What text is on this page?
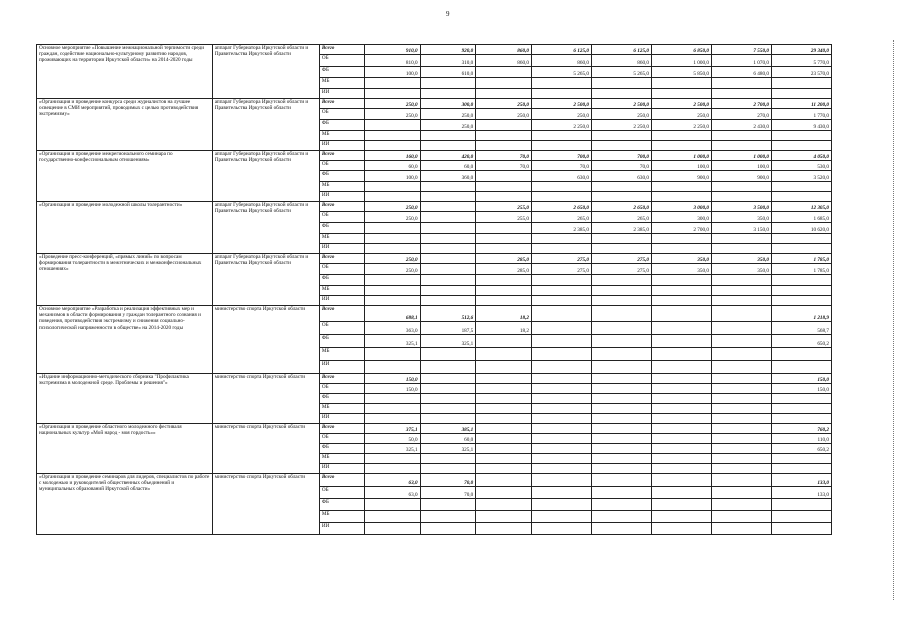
9
Основное мероприятие «Повышение межнациональной терпимости среди граждан, содействие национально-культурному развитию народов, проживающих на территории Иркутской области» на 2014-2020 годы	аппарат Губернатора Иркутской области и Правительства Иркутской области	Всего	910,0	920,0	860,0	6 125,0	6 125,0	6 850,0	7 550,0	29 340,0
		ОБ	810,0	310,0	860,0	860,0	860,0	1 000,0	1 070,0	5 770,0
		ФБ	100,0	610,0		5 265,0	5 265,0	5 850,0	6 480,0	23 570,0
		МБ								
		ИИ								
«Организация и проведение конкурса среди журналистов на лучшее освещение в СМИ мероприятий, проводимых с целью противодействия экстремизму»	аппарат Губернатора Иркутской области и Правительства Иркутской области	Всего	250,0	300,0	250,0	2 500,0	2 500,0	2 500,0	2 700,0	11 200,0
		ОБ	250,0	250,0	250,0	250,0	250,0	250,0	270,0	1 770,0
		ФБ		250,0		2 250,0	2 250,0	2 250,0	2 430,0	9 430,0
		МБ								
		ИИ								
«Организация и проведение межрегионального семинара по государственно-конфессиональным отношениям»	аппарат Губернатора Иркутской области и Правительства Иркутской области	Всего	160,0	420,0	70,0	700,0	700,0	1 000,0	1 000,0	4 050,0
		ОБ	60,0	60,0	70,0	70,0	70,0	100,0	100,0	530,0
		ФБ	100,0	360,0		630,0	630,0	900,0	900,0	3 520,0
		МБ								
		ИИ								
«Организация и проведение молодежной школы толерантности»	аппарат Губернатора Иркутской области и Правительства Иркутской области	Всего	250,0		255,0	2 650,0	2 650,0	3 000,0	3 500,0	12 305,0
		ОБ	250,0		255,0	265,0	265,0	300,0	350,0	1 685,0
		ФБ				2 385,0	2 385,0	2 700,0	3 150,0	10 620,0
		МБ								
		ИИ								
«Проведение пресс-конференций, «прямых линий» по вопросам формирования толерантности в межэтнических и межконфессиональных отношениях»	аппарат Губернатора Иркутской области и Правительства Иркутской области	Всего	250,0		285,0	275,0	275,0	350,0	350,0	1 785,0
		ОБ	250,0		285,0	275,0	275,0	350,0	350,0	1 785,0
		ФБ								
		МБ								
		ИИ								
Основное мероприятие «Разработка и реализация эффективных мер и механизмов в области формирования у граждан толерантного сознания и поведения, противодействия экстремизму и снижения социально-психологической напряженности в обществе» на 2014-2020 годы	министерство спорта Иркутской области	Всего	688,1	512,6	18,2					1 218,9
		ОБ	363,0	187,5	18,2					568,7
		ФБ	325,1	325,1						650,2
		МБ								
		ИИ								
«Издание информационно-методического сборника "Профилактика экстремизма в молодежной среде. Проблемы и решения"»	министерство спорта Иркутской области	Всего	150,0							150,0
		ОБ	150,0							150,0
		ФБ								
		МБ								
		ИИ								
«Организация и проведение областного молодежного фестиваля национальных культур «Мой народ - моя гордость»»	министерство спорта Иркутской области	Всего	375,1	385,1						760,2
		ОБ	50,0	60,0						110,0
		ФБ	325,1	325,1						650,2
		МБ								
		ИИ								
«Организация и проведение семинаров для лидеров, специалистов по работе с молодежью и руководителей общественных объединений и муниципальных образований Иркутской области»	министерство спорта Иркутской области	Всего	63,0	70,0						133,0
		ОБ	63,0	70,0						133,0
		ФБ								
		МБ								
		ИИ								
